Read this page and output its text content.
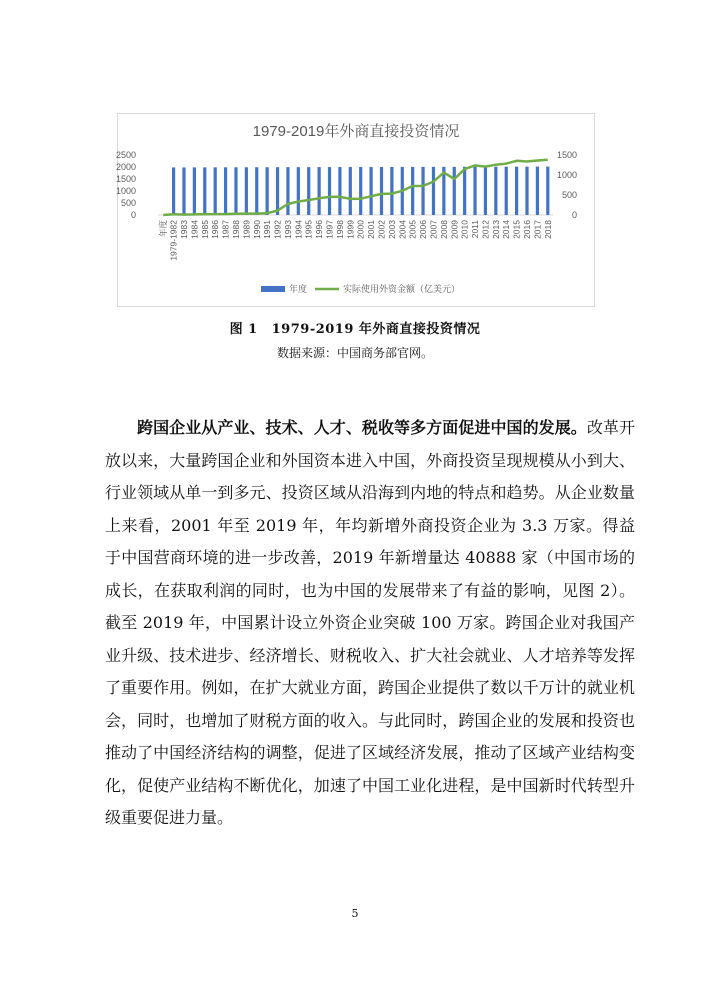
1979-2019年外商直接投资情况
0
500
1000
1500
2000
2500
0
500
1000
1500
年度 1979-1982 1983 1984 1985 1986 1987 1988 1989 1990 1991 1992 1993 1994 1995 1996 1997 1998 1999 2000 2001 2002 2003 2004 2005 2006 2007 2008 2009 2010 2011 2012 2013 2014 2015 2016 2017 2018
年度	实际使用外资金额（亿美元）
图 1 1979-2019 年外商直接投资情况
数据来源：中国商务部官网。

跨国企业从产业、技术、人才、税收等多方面促进中国的发展。改革开放以来，大量跨国企业和外国资本进入中国，外商投资呈现规模从小到大、行业领域从单一到多元、投资区域从沿海到内地的特点和趋势。从企业数量上来看，2001 年至 2019 年，年均新增外商投资企业为 3.3 万家。得益于中国营商环境的进一步改善，2019 年新增量达 40888 家（中国市场的成长，在获取利润的同时，也为中国的发展带来了有益的影响，见图 2）。截至 2019 年，中国累计设立外资企业突破 100 万家。跨国企业对我国产业升级、技术进步、经济增长、财税收入、扩大社会就业、人才培养等发挥了重要作用。例如，在扩大就业方面，跨国企业提供了数以千万计的就业机会，同时，也增加了财税方面的收入。与此同时，跨国企业的发展和投资也推动了中国经济结构的调整，促进了区域经济发展，推动了区域产业结构变化，促使产业结构不断优化，加速了中国工业化进程，是中国新时代转型升级重要促进力量。

5
